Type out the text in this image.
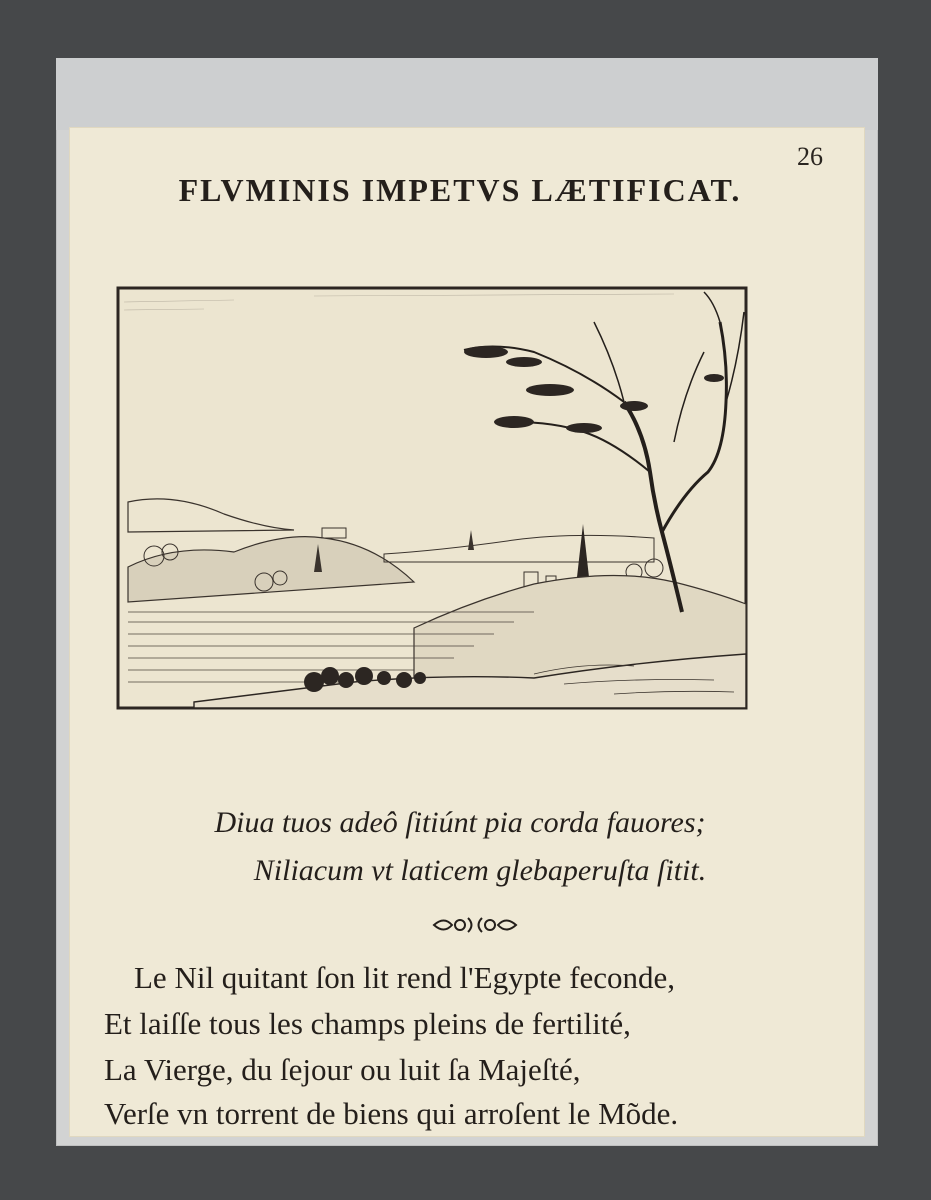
26
FLVMINIS IMPETVS LÆTIFICAT.
Diua tuos adeô ſitiúnt pia corda fauores;
Niliacum vt laticem glebaperuſta ſitit.
Le Nil quitant ſon lit rend l'Egypte feconde,
Et laiſſe tous les champs pleins de fertilité,
La Vierge, du ſejour ou luit ſa Majeſté,
Verſe vn torrent de biens qui arroſent le Mõde.
